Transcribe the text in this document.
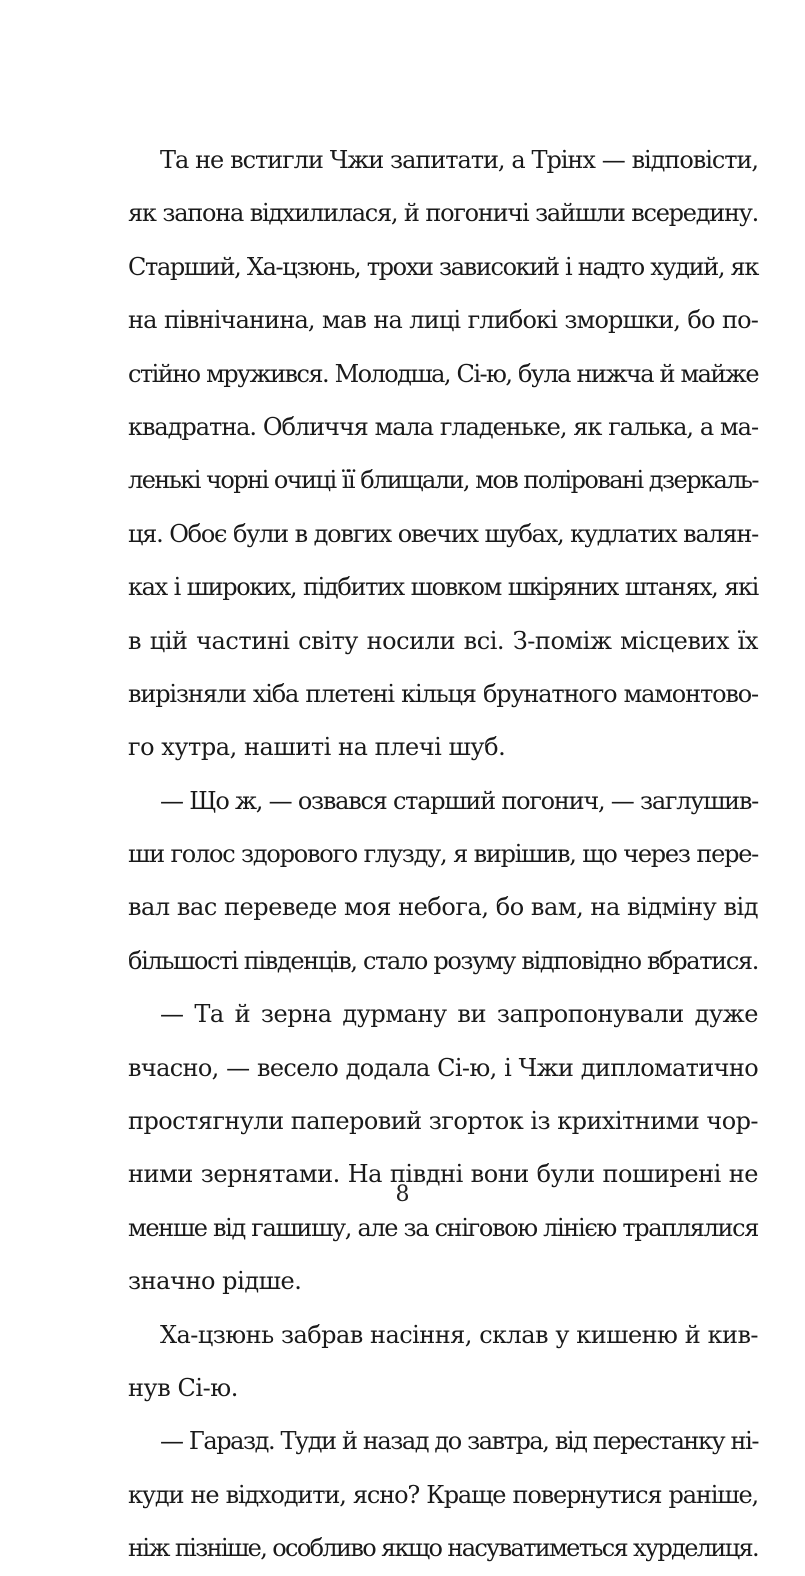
Та не встигли Чжи запитати, а Трінх — відповісти,
як запона відхилилася, й погоничі зайшли всередину.
Старший, Ха-цзюнь, трохи зависокий і надто худий, як
на північанина, мав на лиці глибокі зморшки, бо по-
стійно мружився. Молодша, Сі-ю, була нижча й майже
квадратна. Обличчя мала гладеньке, як галька, а ма-
ленькі чорні очиці її блищали, мов поліровані дзеркаль-
ця. Обоє були в довгих овечих шубах, кудлатих валян-
ках і широких, підбитих шовком шкіряних штанях, які
в цій частині світу носили всі. З-поміж місцевих їх
вирізняли хіба плетені кільця брунатного мамонтово-
го хутра, нашиті на плечі шуб.
— Що ж, — озвався старший погонич, — заглушив-
ши голос здорового глузду, я вирішив, що через пере-
вал вас переведе моя небога, бо вам, на відміну від
більшості південців, стало розуму відповідно вбратися.
— Та й зерна дурману ви запропонували дуже
вчасно, — весело додала Сі-ю, і Чжи дипломатично
простягнули паперовий згорток із крихітними чор-
ними зернятами. На півдні вони були поширені не
менше від гашишу, але за сніговою лінією траплялися
значно рідше.
Ха-цзюнь забрав насіння, склав у кишеню й кив-
нув Сі-ю.
— Гаразд. Туди й назад до завтра, від перестанку ні-
куди не відходити, ясно? Краще повернутися раніше,
ніж пізніше, особливо якщо насуватиметься хурделиця.
8
